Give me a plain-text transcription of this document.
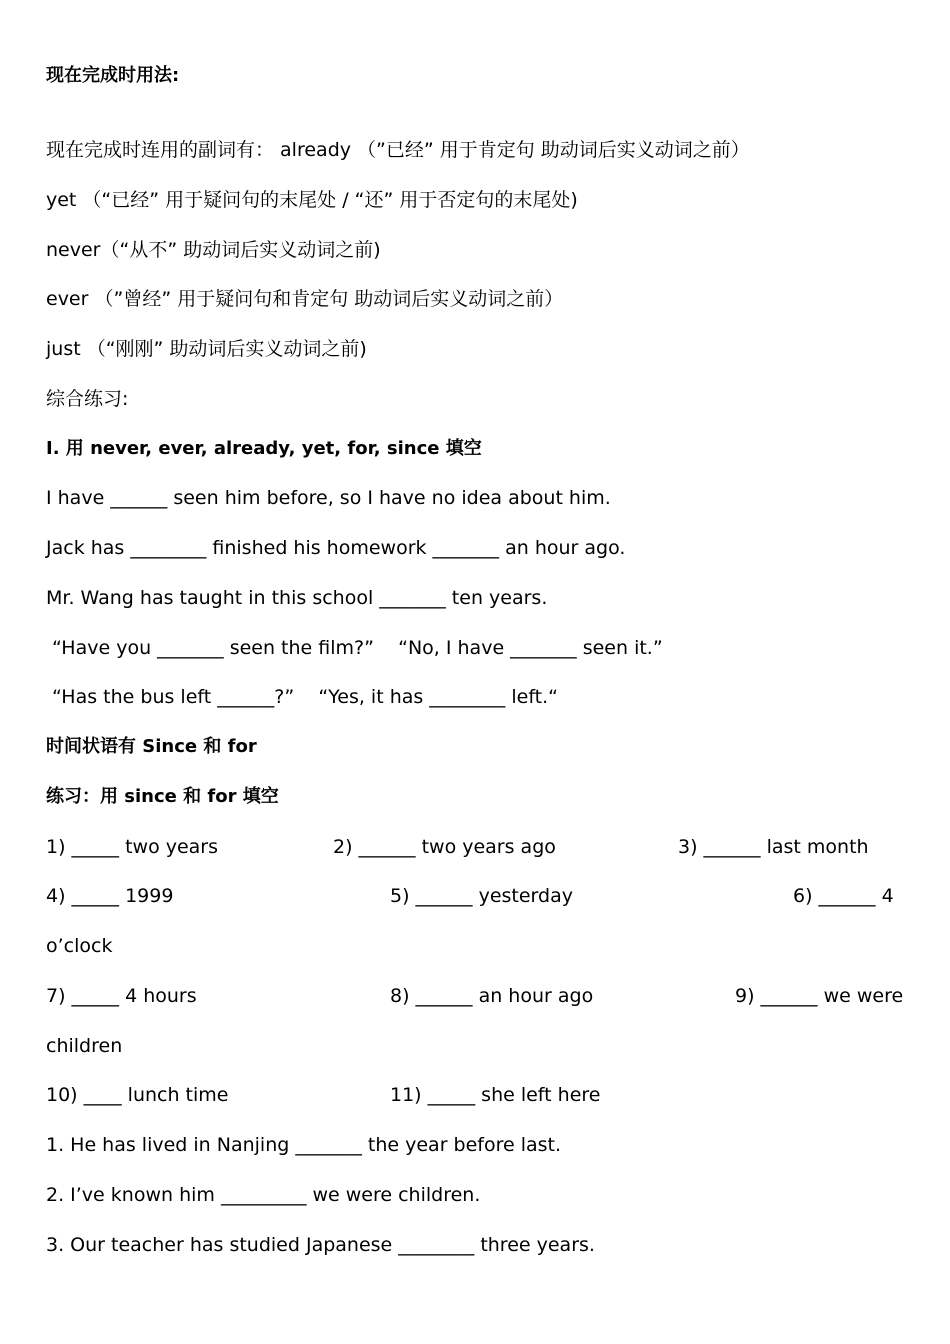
现在完成时用法:
现在完成时连用的副词有： already （”已经” 用于肯定句 助动词后实义动词之前）
yet （“已经” 用于疑问句的末尾处 / “还” 用于否定句的末尾处)
never（“从不” 助动词后实义动词之前)
ever （”曾经” 用于疑问句和肯定句 助动词后实义动词之前）
just （“刚刚” 助动词后实义动词之前)
综合练习:
I. 用 never, ever, already, yet, for, since 填空
I have ______ seen him before, so I have no idea about him.
Jack has ________ finished his homework _______ an hour ago.
Mr. Wang has taught in this school _______ ten years.
“Have you _______ seen the film?”    “No, I have _______ seen it.”
“Has the bus left ______?”    “Yes, it has ________ left.“
时间状语有 Since 和 for
练习：用 since 和 for 填空
1) _____ two years	2) ______ two years ago	3) ______ last month
4) _____ 1999	5) ______ yesterday	6) ______ 4
o’clock
7) _____ 4 hours	8) ______ an hour ago	9) ______ we were
children
10) ____ lunch time	11) _____ she left here
1. He has lived in Nanjing _______ the year before last.
2. I’ve known him _________ we were children.
3. Our teacher has studied Japanese ________ three years.
